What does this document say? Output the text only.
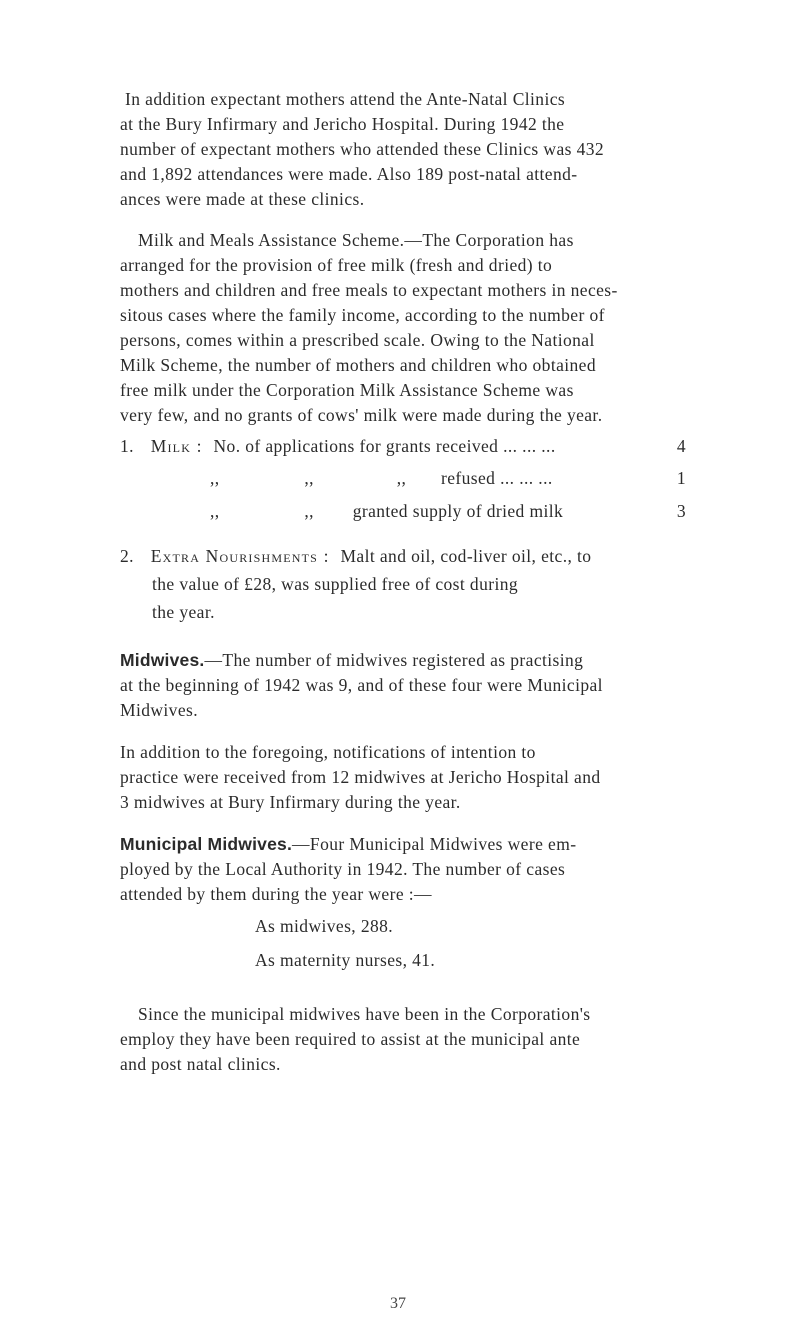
In addition expectant mothers attend the Ante-Natal Clinics
at the Bury Infirmary and Jericho Hospital. During 1942 the
number of expectant mothers who attended these Clinics was 432
and 1,892 attendances were made. Also 189 post-natal attend-
ances were made at these clinics.

Milk and Meals Assistance Scheme.—The Corporation has
arranged for the provision of free milk (fresh and dried) to
mothers and children and free meals to expectant mothers in neces-
sitous cases where the family income, according to the number of
persons, comes within a prescribed scale. Owing to the National
Milk Scheme, the number of mothers and children who obtained
free milk under the Corporation Milk Assistance Scheme was
very few, and no grants of cows' milk were made during the year.

1. Milk : No. of applications for grants received ... ... ...	4
,,	,,	,, refused ... ... ...	1
,,	,, granted supply of dried milk	3
2. Extra Nourishments : Malt and oil, cod-liver oil, etc., to
the value of £28, was supplied free of cost during
the year.

Midwives.—The number of midwives registered as practising
at the beginning of 1942 was 9, and of these four were Municipal
Midwives.

In addition to the foregoing, notifications of intention to
practice were received from 12 midwives at Jericho Hospital and
3 midwives at Bury Infirmary during the year.

Municipal Midwives.—Four Municipal Midwives were em-
ployed by the Local Authority in 1942. The number of cases
attended by them during the year were :—

As midwives, 288.
As maternity nurses, 41.

Since the municipal midwives have been in the Corporation's
employ they have been required to assist at the municipal ante
and post natal clinics.

37
